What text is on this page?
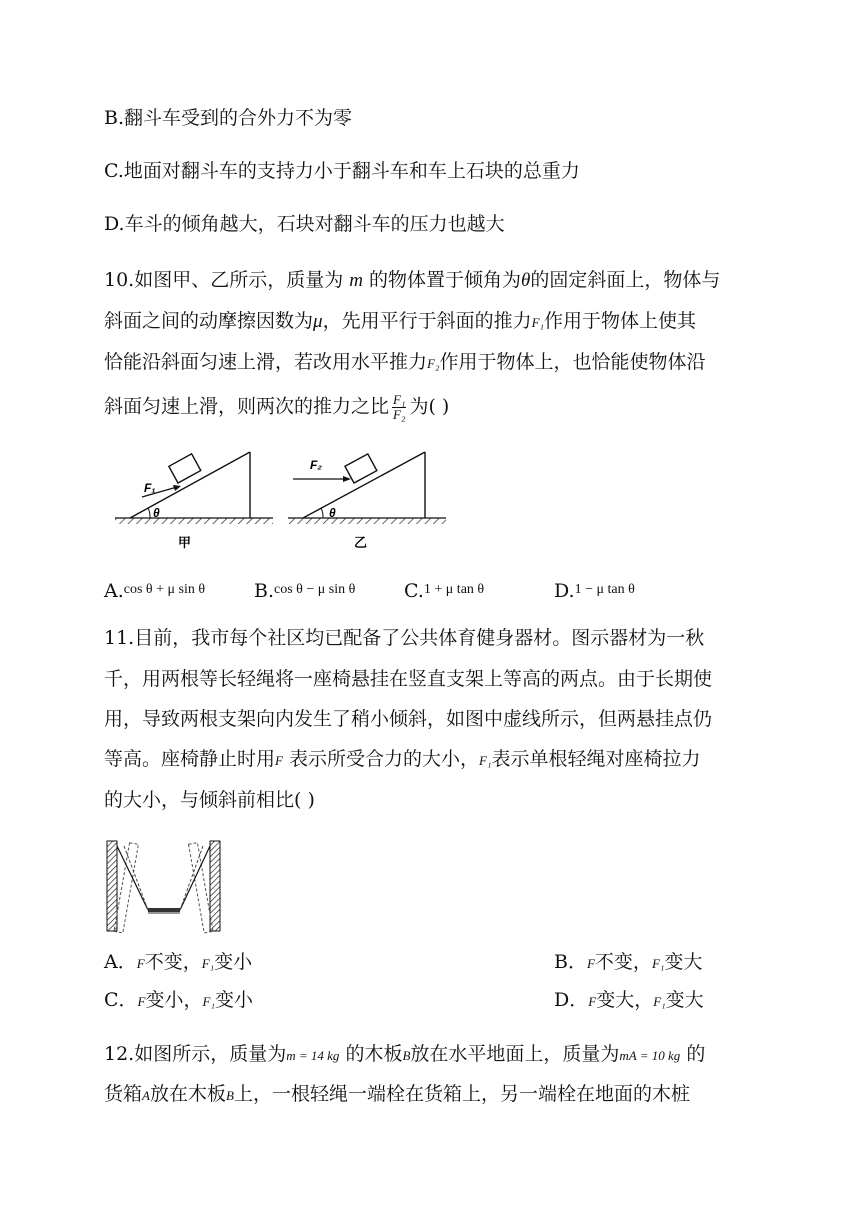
B.翻斗车受到的合外力不为零
C.地面对翻斗车的支持力小于翻斗车和车上石块的总重力
D.车斗的倾角越大，石块对翻斗车的压力也越大
10.如图甲、乙所示，质量为 m 的物体置于倾角为θ的固定斜面上，物体与
斜面之间的动摩擦因数为μ，先用平行于斜面的推力F₁作用于物体上使其
恰能沿斜面匀速上滑，若改用水平推力F₂作用于物体上，也恰能使物体沿
斜面匀速上滑，则两次的推力之比 $\frac{\text{F₁}}{\text{F₂}}$ 为( )
F₁
θ
甲
F₂
θ
乙
A.$^{cos \theta + \mu sin \theta}$	B.$^{cos \theta - \mu sin \theta}$	C.$^{1 + \mu tan \theta}$	D.$^{1 - \mu tan \theta}$
11.目前，我市每个社区均已配备了公共体育健身器材。图示器材为一秋
千，用两根等长轻绳将一座椅悬挂在竖直支架上等高的两点。由于长期使
用，导致两根支架向内发生了稍小倾斜，如图中虚线所示，但两悬挂点仍
等高。座椅静止时用F 表示所受合力的大小，F₁表示单根轻绳对座椅拉力
的大小，与倾斜前相比( )
A．F不变，F₁变小	B．F不变，F₁变大
C．F变小，F₁变小	D．F变大，F₁变大
12.如图所示，质量为m = 14 kg 的木板B放在水平地面上，质量为mA = 10 kg 的
货箱A放在木板B上，一根轻绳一端栓在货箱上，另一端栓在地面的木桩
